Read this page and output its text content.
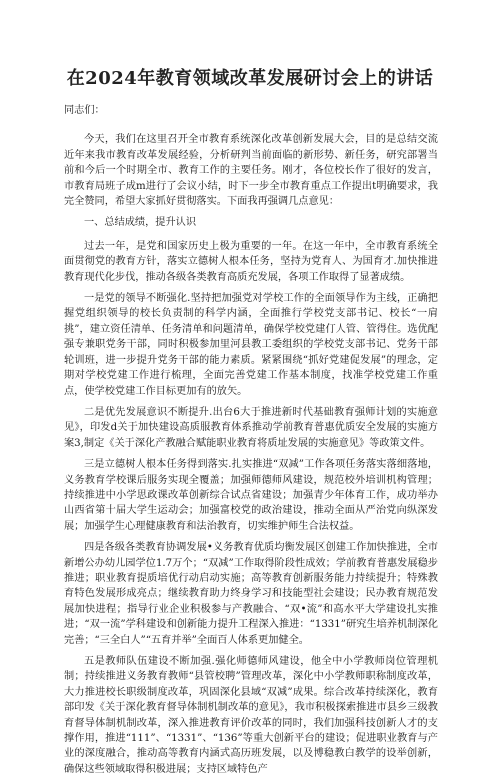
在2024年教育领域改革发展研讨会上的讲话

同志们：

今天，我们在这里召开全市教育系统深化改革创新发展大会，目的是总结交流近年来我市教育改革发展经验，分析研判当前面临的新形势、新任务，研究部署当前和今后一个时期全市、教育工作的主要任务。刚才，各位校长作了很好的发言，市教育局班子成m进行了会议小结，时下一步全市教育重点工作提出t明确要求，我完全赞同，希望大家抓好贯彻落实。下面我再强调几点意见：

一、总结成绩，提升认识

过去一年，是党和国家历史上极为重要的一年。在这一年中，全市教育系统全面贯彻党的教育方针，落实立德树人根本任务，坚持为党育人、为国育才.加快推进教育现代化步伐，推动各级各类教育高质充发展，各项工作取得了显著成绩。

一是党的领导不断强化.坚持把加强党对学校工作的全面领导作为主线，正确把握党组织领导的校长负责制的科学内涵，全面推行学校党支部书记、校长“一肩挑”，建立资任清单、任务清单和问题清单，确保学校党建仃人管、管得住。选优配强专兼职党务干部，同时积极参加里河县教工委组织的学校党支部书记、党务干部轮训班，进一步提升党务干部的能力素质。紧紧围绕“抓好党建促发展”的理念，定期对学校党建工作进行梳理，全面完善党建工作基本制度，找准学校党建工作重点，使学校党建工作目标更加有的放矢。

二是优先发展意识不断提升.出台6大于推进新时代基础教育强师计划的实施意见》，印发d关于加快建设高质服教育体系推动学前教育普惠优质安全发展的实施方案3,制定《关于深化产教融合赋能职业教育将质址发展的实施意见》等政策文件。

三是立德树人根本任务得到落实.扎实推进“双减”工作各项任务落实落细落地，义务教育学校课后服务实现全覆盖；加强师德师风建设，规范校外培训机构管理；持续推进中小学思政课改革创新综合试点省建设；加强青少年体育工作，成功举办山西省第十届大学生运动会；加强富校党的政治建设，推动全面从严治党向纵深发展；加强学生心理健康教育和法治教育，切实维护师生合法权益。

四是各级各类教育协调发展•义务教育优质均衡发展区创建工作加快推进，全市新增公办幼儿园学位1.7万个；“双减”工作取得阶段性成效；学前教育普惠发展稳步推进；职业教育提质培优行动启动实施；高等教育创新服务能力持续提升；特殊教育特色发展形成亮点；继续教育助力终身学习和技能型社会建设；民办教育规范发展加快进程；指导行业企业积极参与产教融合、“双•流”和高水平大学建设扎实推进；“双一流”学科建设和创新能力提升工程深入推进：“1331”研究生培养机制深化完善；“三全白人”“五育并举”全面百人体系更加健全。

五是教师队伍建设不断加强.强化师德师风建设，他全中小学教师岗位管理机制；持续推进义务教育教师“县管校聘”管理改革，深化中小学教师职称制度改革，大力推进校长职级制度改革，巩固深化县域“双减”成果。综合改革持续深化，教育部印发《关于深化教育督导体制机制改革的意见》，我市积极探索推进市县乡三级教育督导体制机制改革，深入推进教育评价改革的同时，我们加强科技创新人才的支撑作用，推进“111”、“1331”、“136”等重大创新平台的建设；促进职业教育与产业的深度融合，推动高等教育内涵式高历班发展，以及博稳教白教学的设举创新，确保这些领域取得积极进展；支持区域特色产
